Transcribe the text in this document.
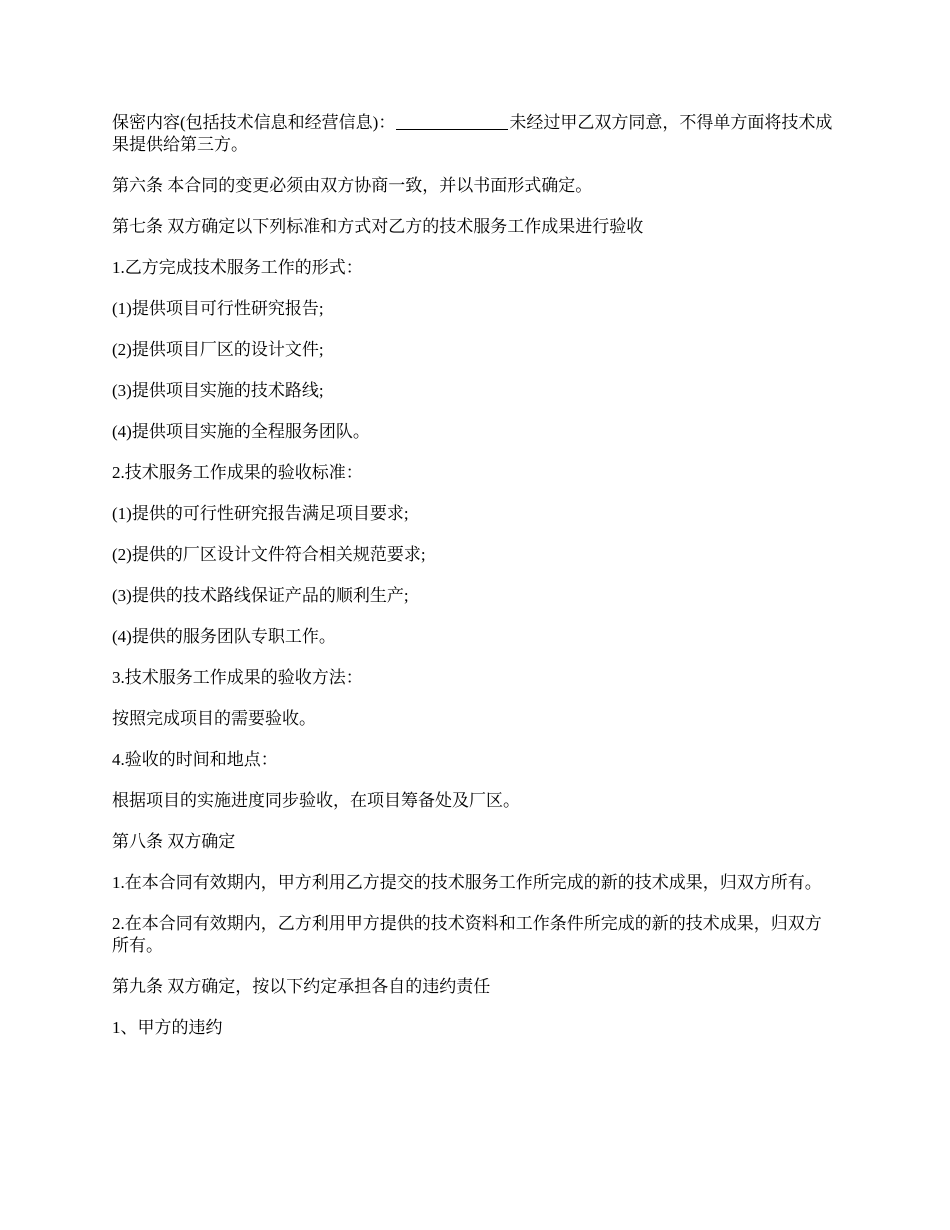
保密内容(包括技术信息和经营信息)：	未经过甲乙双方同意，不得单方面将技术成果提供给第三方。

第六条 本合同的变更必须由双方协商一致，并以书面形式确定。

第七条 双方确定以下列标准和方式对乙方的技术服务工作成果进行验收

1.乙方完成技术服务工作的形式：

(1)提供项目可行性研究报告;

(2)提供项目厂区的设计文件;

(3)提供项目实施的技术路线;

(4)提供项目实施的全程服务团队。

2.技术服务工作成果的验收标准：

(1)提供的可行性研究报告满足项目要求;

(2)提供的厂区设计文件符合相关规范要求;

(3)提供的技术路线保证产品的顺利生产;

(4)提供的服务团队专职工作。

3.技术服务工作成果的验收方法：

按照完成项目的需要验收。

4.验收的时间和地点：

根据项目的实施进度同步验收，在项目筹备处及厂区。

第八条 双方确定

1.在本合同有效期内，甲方利用乙方提交的技术服务工作所完成的新的技术成果，归双方所有。

2.在本合同有效期内，乙方利用甲方提供的技术资料和工作条件所完成的新的技术成果，归双方所有。

第九条 双方确定，按以下约定承担各自的违约责任

1、甲方的违约
